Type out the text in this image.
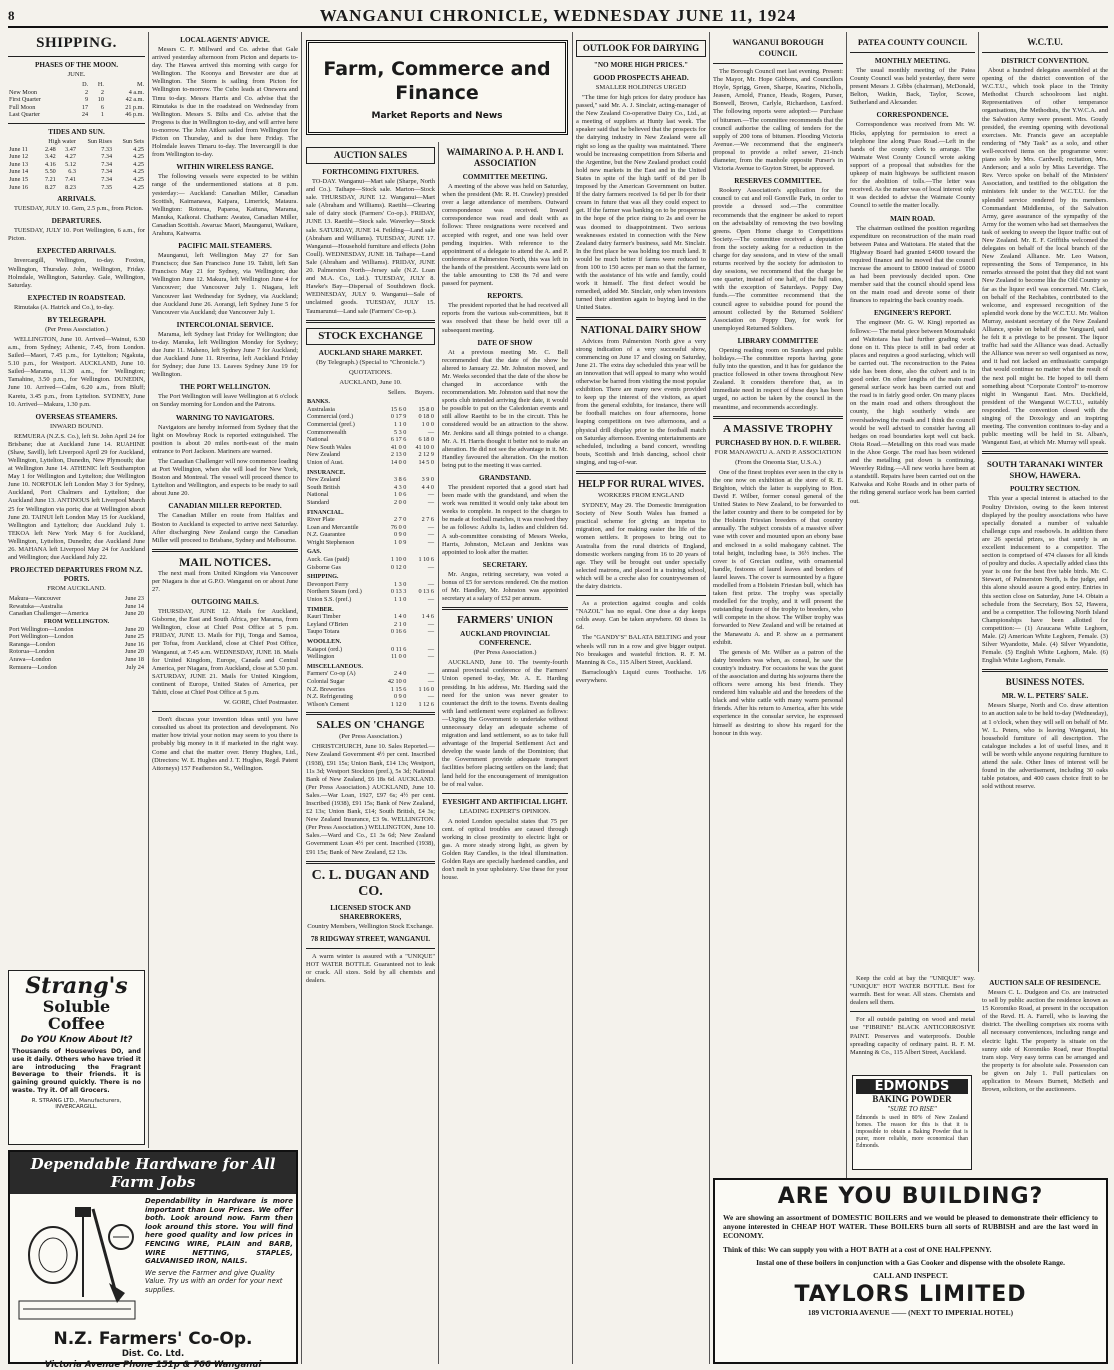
8	WANGANUI CHRONICLE, WEDNESDAY JUNE 11, 1924
SHIPPING.
PHASES OF THE MOON.
JUNE.
	D.	H.	M.
New Moon	2	2	4 a.m.
First Quarter	9	10	42 a.m.
Full Moon	17	6	21 p.m.
Last Quarter	24	1	46 p.m.
TIDES AND SUN.
	High water		Sun Rises	Sun Sets
June 11	2.48	3.47	7.33	4.25
June 12	3.42	4.27	7.34	4.25
June 13	4.16	5.12	7.34	4.25
June 14	5.50	6.3	7.34	4.25
June 15	7.21	7.41	7.34	4.25
June 16	8.27	8.23	7.35	4.25
ARRIVALS.

TUESDAY, JULY 10. Gem, 2.5 p.m., from Picton.

DEPARTURES.

TUESDAY, JULY 10. Port Wellington, 6 a.m., for Picton.

EXPECTED ARRIVALS.

Invercargill, Wellington, to-day. Foxton, Wellington, Thursday. John, Wellington, Friday. Holmdale, Wellington, Saturday. Gale, Wellington, Saturday.

EXPECTED IN ROADSTEAD.

Rimutaka (A. Hatrick and Co.), to-day.

BY TELEGRAPH.
(Per Press Association.)

WELLINGTON, June 10. Arrived—Wainui, 6.30 a.m., from Sydney; Athenic, 7.45, from London. Sailed—Maori, 7.45 p.m., for Lyttelton; Ngakuta, 5.10 p.m., for Westport. AUCKLAND, June 10. Sailed—Marama, 11.30 a.m., for Wellington; Tamahine, 3.50 p.m., for Wellington. DUNEDIN, June 10. Arrived—Calm, 6.20 a.m., from Bluff; Karetu, 3.45 p.m., from Lyttelton. SYDNEY, June 10. Arrived—Makura, 1.30 p.m.

OVERSEAS STEAMERS.
INWARD BOUND.

REMUERA (N.Z.S. Co.), left St. John April 24 for Brisbane; due at Auckland June 14. RUAHINE (Shaw, Savill), left Liverpool April 29 for Auckland, Wellington, Lyttelton, Dunedin, New Plymouth; due at Wellington June 14. ATHENIC left Southampton May 1 for Wellington and Lyttelton; due Wellington June 10. NORFOLK left London May 3 for Sydney, Auckland, Port Chalmers and Lyttelton; due Auckland June 13. ANTINOUS left Liverpool March 25 for Wellington via ports; due at Wellington about June 20. TAINUI left London May 15 for Auckland, Wellington and Lyttelton; due Auckland July 1. TEKOA left New York May 6 for Auckland, Wellington, Lyttelton, Dunedin; due Auckland June 26. MAHANA left Liverpool May 24 for Auckland and Wellington; due Auckland July 22.

PROJECTED DEPARTURES FROM N.Z. PORTS.
FROM AUCKLAND.
Makura—Vancouver	June 23
Rewatuka—Australia	June 14
Canadian Challenger—America	June 20
FROM WELLINGTON.	
Port Wellington—London	June 20
Port Wellington—London	June 25
Raranga—London	June 16
Rotorua—London	June 20
Arawa—London	June 18
Remuera—London	July 24
Strang's
Soluble
Coffee
Do YOU Know About It?
Thousands of Housewives DO, and use it daily. Others who have tried it are introducing the Fragrant Beverage to their friends. It is gaining ground quickly. There is no waste. Try it. Of all Grocers.
R. STRANG LTD., Manufacturers, INVERCARGILL.
Dependable Hardware for All Farm Jobs
Dependability in Hardware is more important than Low Prices. We offer both. Look around now. Farm then look around this store. You will find here good quality and low prices in FENCING WIRE, PLAIN and BARB, WIRE NETTING, STAPLES, GALVANISED IRON, NAILS.
We serve the Farmer and give Quality Value. Try us with an order for your next supplies.
N.Z. Farmers' Co-Op.
Dist. Co. Ltd.
Victoria Avenue Phone 151p & 766 Wanganui
LOCAL AGENTS' ADVICE.

Messrs C. F. Millward and Co. advise that Gale arrived yesterday afternoon from Picton and departs to-day. The Hawea arrived this morning with cargo for Wellington. The Koonya and Brewster are due at Wellington. The Storm is sailing from Picton for Wellington to-morrow. The Cubo leads at Onewera and Timu to-day. Messrs Harris and Co. advise that the Rimutaka is due in the roadstead on Wednesday from Wellington. Messrs S. Bilts and Co. advise that the Progress is due in Wellington to-day, and will arrive here to-morrow. The John Aitken sailed from Wellington for Picton on Thursday, and is due here Friday. The Holmdale leaves Timaru to-day. The Invercargill is due from Wellington to-day.

WITHIN WIRELESS RANGE.

The following vessels were expected to be within range of the undermentioned stations at 8 p.m. yesterday:— Auckland: Canadian Miller, Canadian Scottish, Kaimanawa, Kaipara, Limerick, Mataura. Wellington: Rotorua, Paparoa, Kaituna, Marama, Manuka, Kaikorai. Chatham: Awatea, Canadian Miller, Canadian Scottish. Awarua: Maori, Maunganui, Waikare, Arahura, Kaiwarra.

PACIFIC MAIL STEAMERS.

Maunganui, left Wellington May 27 for San Francisco; due San Francisco June 19. Tahiti, left San Francisco May 21 for Sydney, via Wellington; due Wellington June 12. Makura, left Wellington June 4 for Vancouver; due Vancouver July 1. Niagara, left Vancouver last Wednesday for Sydney, via Auckland; due Auckland June 26. Aorangi, left Sydney June 5 for Vancouver via Auckland; due Vancouver July 1.

INTERCOLONIAL SERVICE.

Marama, left Sydney last Friday for Wellington; due to-day. Manuka, left Wellington Monday for Sydney; due June 11. Maheno, left Sydney June 7 for Auckland; due Auckland June 11. Riverina, left Auckland Friday for Sydney; due June 13. Leaves Sydney June 19 for Wellington.

THE PORT WELLINGTON.

The Port Wellington will leave Wellington at 6 o'clock on Sunday morning for London and the Patrons.

WARNING TO NAVIGATORS.

Navigators are hereby informed from Sydney that the light on Mowbray Rock is reported extinguished. The position is about 20 miles north-east of the main entrance to Port Jackson. Mariners are warned.

The Canadian Challenger will now commence loading at Port Wellington, when she will load for New York, Boston and Montreal. The vessel will proceed thence to Lyttelton and Wellington, and expects to be ready to sail about June 20.

CANADIAN MILLER REPORTED.

The Canadian Miller en route from Halifax and Boston to Auckland is expected to arrive next Saturday. After discharging New Zealand cargo the Canadian Miller will proceed to Brisbane, Sydney and Melbourne.

MAIL NOTICES.

The next mail from United Kingdom via Vancouver per Niagara is due at G.P.O. Wanganui on or about June 27.

OUTGOING MAILS.

THURSDAY, JUNE 12. Mails for Auckland, Gisborne, the East and South Africa, per Marama, from Wellington, close at Chief Post Office at 5 p.m. FRIDAY, JUNE 13. Mails for Fiji, Tonga and Samoa, per Tofua, from Auckland, close at Chief Post Office, Wanganui, at 7.45 a.m. WEDNESDAY, JUNE 18. Mails for United Kingdom, Europe, Canada and Central America, per Niagara, from Auckland, close at 5.30 p.m. SATURDAY, JUNE 21. Mails for United Kingdom, continent of Europe, United States of America, per Tahiti, close at Chief Post Office at 5 p.m.

W. GORE, Chief Postmaster.

Don't discuss your invention ideas until you have consulted us about its protection and development. No matter how trivial your notion may seem to you there is probably big money in it if marketed in the right way. Come and chat the matter over. Henry Hughes, Ltd., (Directors: W. E. Hughes and J. T. Hughes, Regd. Patent Attorneys) 157 Featherston St., Wellington.

Farm, Commerce and Finance
Market Reports and News
AUCTION SALES
FORTHCOMING FIXTURES.

TO-DAY. Wanganui—Mart sale (Sharpe, North and Co.). Taihape—Stock sale. Marton—Stock sale. THURSDAY, JUNE 12. Wanganui—Mart sale (Abraham and Williams). Raetihi—Clearing sale of dairy stock (Farmers' Co-op.). FRIDAY, JUNE 13. Raetihi—Stock sale. Waverley—Stock sale. SATURDAY, JUNE 14. Feilding—Land sale (Abraham and Williams). TUESDAY, JUNE 17. Wanganui—Household furniture and effects (John Coull). WEDNESDAY, JUNE 18. Taihape—Land Sale (Abraham and Williams). FRIDAY, JUNE 20. Palmerston North—Jersey sale (N.Z. Loan and M.A. Co., Ltd.). TUESDAY, JULY 8. Hawke's Bay—Dispersal of Southdown flock. WEDNESDAY, JULY 9. Wanganui—Sale of unclaimed goods. TUESDAY, JULY 15. Taumarunui—Land sale (Farmers' Co-op.).

STOCK EXCHANGE
AUCKLAND SHARE MARKET.
(By Telegraph.) (Special to "Chronicle.")
QUOTATIONS.
AUCKLAND, June 10.
	Sellers.	Buyers.
BANKS.		
Australasia	15 6 0	15 8 0
Commercial (ord.)	0 17 9	0 18 0
Commercial (pref.)	1 1 0	1 0 0
Commonwealth	5 3 0	—
National	6 17 6	6 18 0
New South Wales	41 0 0	41 10 0
New Zealand	2 13 0	2 12 9
Union of Aust.	14 0 0	14 5 0
INSURANCE.		
New Zealand	3 8 6	3 9 0
South British	4 3 0	4 4 0
National	1 0 6	—
Standard	2 0 0	—
FINANCIAL.		
River Plate	2 7 0	2 7 6
Loan and Mercantile	76 0 0	—
N.Z. Guarantee	0 9 0	—
Wright Stephenson	1 0 9	—
GAS.		
Auck. Gas (paid)	1 10 0	1 10 6
Gisborne Gas	0 12 0	—
SHIPPING.		
Devonport Ferry	1 3 0	—
Northern Steam (ord.)	0 13 3	0 13 6
Union S.S. (pref.)	1 1 0	—
TIMBER.		
Kauri Timber	1 4 0	1 4 6
Leyland O'Brien	2 1 0	—
Taupo Totara	0 16 6	—
WOOLLEN.		
Kaiapoi (ord.)	0 11 6	—
Wellington	11 0 0	—
MISCELLANEOUS.		
Farmers' Co-op (A)	2 4 0	—
Colonial Sugar	42 10 0	—
N.Z. Breweries	1 15 6	1 16 0
N.Z. Refrigerating	0 9 0	—
Wilson's Cement	1 12 0	1 12 6
SALES ON 'CHANGE
(Per Press Association.)

CHRISTCHURCH, June 10. Sales Reported.—New Zealand Government 4½ per cent. Inscribed (1938), £91 15s; Union Bank, £14 13s; Westport, 11s 3d; Westport Stockton (pref.), 5s 3d; National Bank of New Zealand, £6 18s 6d. AUCKLAND. (Per Press Association.) AUCKLAND, June 10. Sales.—War Loan, 1927, £97 6s; 4½ per cent. Inscribed (1938), £91 15s; Bank of New Zealand, £2 13s; Union Bank, £14; South British, £4 3s; New Zealand Insurance, £3 9s. WELLINGTON. (Per Press Association.) WELLINGTON, June 10. Sales.—Ward and Co., £1 3s 6d; New Zealand Government Loan 4½ per cent. Inscribed (1938), £91 15s; Bank of New Zealand, £2 13s.

C. L. DUGAN AND CO.
LICENSED STOCK AND SHAREBROKERS,
Country Members, Wellington Stock Exchange.
78 RIDGWAY STREET, WANGANUI.

A warm winter is assured with a "UNIQUE" HOT WATER BOTTLE. Guaranteed not to leak or crack. All sizes. Sold by all chemists and dealers.

WAIMARINO A. P. H. AND I. ASSOCIATION
COMMITTEE MEETING.

A meeting of the above was held on Saturday, when the president (Mr. R. H. Crawley) presided over a large attendance of members. Outward correspondence was received. Inward correspondence was read and dealt with as follows: Three resignations were received and accepted with regret, and one was held over pending inquiries. With reference to the appointment of a delegate to attend the A. and P. conference at Palmerston North, this was left in the hands of the president. Accounts were laid on the table amounting to £38 8s 7d and were passed for payment.

REPORTS.

The president reported that he had received all reports from the various sub-committees, but it was resolved that these be held over till a subsequent meeting.

DATE OF SHOW

At a previous meeting Mr. C. Bell recommended that the date of the show be altered to January 22. Mr. Johnston moved, and Mr. Weeks seconded that the date of the show be changed in accordance with the recommendation. Mr. Johnston said that now the sports club intended arriving their date, it would be possible to put on the Caledonian events and still allow Raetihi to be in the circuit. This he considered would be an attraction to the show. Mr. Jenkins said all things pointed to a change. Mr. A. H. Harris thought it better not to make an alteration. He did not see the advantage in it. Mr. Handley favoured the alteration. On the motion being put to the meeting it was carried.

GRANDSTAND.

The president reported that a good start had been made with the grandstand, and when the work was remitted it would only take about ten weeks to complete. In respect to the charges to be made at football matches, it was resolved they be as follows: Adults 1s, ladies and children 6d. A sub-committee consisting of Messrs Weeks, Harris, Johnston, McLean and Jenkins was appointed to look after the matter.

SECRETARY.

Mr. Angus, retiring secretary, was voted a bonus of £5 for services rendered. On the motion of Mr. Handley, Mr. Johnston was appointed secretary at a salary of £52 per annum.

FARMERS' UNION
AUCKLAND PROVINCIAL CONFERENCE.
(Per Press Association.)

AUCKLAND, June 10. The twenty-fourth annual provincial conference of the Farmers' Union opened to-day, Mr. A. E. Harding presiding. In his address, Mr. Harding said the need for the union was never greater to counteract the drift to the towns. Events dealing with land settlement were explained as follows:—Urging the Government to undertake without unnecessary delay an adequate scheme of migration and land settlement, so as to take full advantage of the Imperial Settlement Act and develop the waste lands of the Dominion; that the Government provide adequate transport facilities before placing settlers on the land; that land held for the encouragement of immigration be of real value.

EYESIGHT AND ARTIFICIAL LIGHT.
LEADING EXPERT'S OPINION.

A noted London specialist states that 75 per cent. of optical troubles are caused through working in close proximity to electric light or gas. A more steady strong light, as given by Golden Ray Candles, is the ideal illumination. Golden Rays are specially hardened candles, and don't melt in your upholstery. Use these for your house.

OUTLOOK FOR DAIRYING
"NO MORE HIGH PRICES."
GOOD PROSPECTS AHEAD.
SMALLER HOLDINGS URGED

"The time for high prices for dairy produce has passed," said Mr. A. J. Sinclair, acting-manager of the New Zealand Co-operative Dairy Co., Ltd., at a meeting of suppliers at Hunty last week. The speaker said that he believed that the prospects for the dairying industry in New Zealand were all right so long as the quality was maintained. There would be increasing competition from Siberia and the Argentine, but the New Zealand product could hold new markets in the East and in the United States in spite of the high tariff of 8d per lb imposed by the American Government on butter. If the dairy farmers received 1s 6d per lb for their cream in future that was all they could expect to get. If the farmer was banking on to be prosperous in the hope of the price rising to 2s and over he was doomed to disappointment. Two serious weaknesses existed in connection with the New Zealand dairy farmer's business, said Mr. Sinclair. In the first place he was holding too much land. It would be much better if farms were reduced to from 100 to 150 acres per man so that the farmer, with the assistance of his wife and family, could work it himself. The first defect would be remedied, added Mr. Sinclair, only when investors turned their attention again to buying land in the United States.

NATIONAL DAIRY SHOW

Advices from Palmerston North give a very strong indication of a very successful show, commencing on June 17 and closing on Saturday, June 21. The extra day scheduled this year will be an innovation that will appeal to many who would otherwise be barred from visiting the most popular exhibition. There are many new events provided to keep up the interest of the visitors, as apart from the general exhibits, for instance, there will be football matches on four afternoons, horse leaping competitions on two afternoons, and a physical drill display prior to the football match on Saturday afternoon. Evening entertainments are scheduled, including a band concert, wrestling bouts, Scottish and Irish dancing, school choir singing, and tug-of-war.

HELP FOR RURAL WIVES.
WORKERS FROM ENGLAND

SYDNEY, May 29. The Domestic Immigration Society of New South Wales has framed a practical scheme for giving an impetus to migration, and for making easier the life of the women settlers. It proposes to bring out to Australia from the rural districts of England, domestic workers ranging from 16 to 20 years of age. They will be brought out under specially selected matrons, and placed in a training school, which will be a creche also for countrywomen of the dairy districts.

As a protection against coughs and colds "NAZOL" has no equal. One dose a day keeps colds away. Can be taken anywhere. 60 doses 1s 6d.

The "GANDY'S" BALATA BELTING and your wheels will run in a row and give bigger output. No breakages and wasteful friction. R. F. M. Manning & Co., 115 Albert Street, Auckland.

Barraclough's Liquid cures Toothache. 1/6 everywhere.

WANGANUI BOROUGH COUNCIL

The Borough Council met last evening. Present: The Mayor, Mr. Hope Gibbons, and Councillors Hoyle, Sprigg, Green, Sharpe, Kearins, Nicholls, Jeasen, Arnold, France, Heads, Rogers, Purser, Bonwell, Brown, Carlyle, Richardson, Laxford. The following reports were adopted:— Purchase of bitumen.—The committee recommends that the council authorise the calling of tenders for the supply of 200 tons of bitumen. Flooding Victoria Avenue.—We recommend that the engineer's proposal to provide a relief sewer, 21-inch diameter, from the manhole opposite Purser's in Victoria Avenue to Guyton Street, be approved.

RESERVES COMMITTEE.

Rookery Association's application for the council to cut and roll Gonville Park, in order to provide a dressed sod.—The committee recommends that the engineer be asked to report on the advisability of removing the two bowling greens. Open Home charge to Competitions Society.—The committee received a deputation from the society asking for a reduction in the charge for day sessions, and in view of the small returns received by the society for admission to day sessions, we recommend that the charge be one quarter, instead of one half, of the full rates, with the exception of Saturdays. Poppy Day funds.—The committee recommend that the council agree to subsidise pound for pound the amount collected by the Returned Soldiers' Association on Poppy Day, for work for unemployed Returned Soldiers.

LIBRARY COMMITTEE

Opening reading room on Sundays and public holidays.—The committee reports having gone fully into the question, and it has for guidance the practice followed in other towns throughout New Zealand. It considers therefore that, as in immediate need in respect of these days has been urged, no action be taken by the council in the meantime, and recommends accordingly.

A MASSIVE TROPHY
PURCHASED BY HON. D. F. WILBER.
FOR MANAWATU A. AND P. ASSOCIATION
(From the Oneonta Star, U.S.A.)

One of the finest trophies ever seen in the city is the one now on exhibition at the store of R. E. Brighton, which the latter is supplying to Hon. David F. Wilber, former consul general of the United States to New Zealand, to be forwarded to the latter country and there to be competed for by the Holstein Friesian breeders of that country annually. The subject consists of a massive silver vase with cover and mounted upon an ebony base and enclosed in a solid mahogany cabinet. The total height, including base, is 36½ inches. The cover is of Grecian outline, with ornamental handle, festoons of laurel leaves and borders of laurel leaves. The cover is surmounted by a figure modelled from a Holstein Friesian bull, which has taken first prize. The trophy was specially modelled for the trophy, and it will present the outstanding feature of the trophy to breeders, who will compete in the show. The Wilber trophy was forwarded to New Zealand and will be retained at the Manawatu A. and P. show as a permanent exhibit.

The genesis of Mr. Wilber as a patron of the dairy breeders was when, as consul, he saw the country's industry. For occasions he was the guest of the association and during his sojourns there the officers were among his best friends. They rendered him valuable aid and the breeders of the black and white cattle with many warm personal friends. After his return to America, after his wide experience in the consular service, he expressed himself as desiring to show his regard for the honour in this way.

PATEA COUNTY COUNCIL
MONTHLY MEETING.

The usual monthly meeting of the Patea County Council was held yesterday, there were present Messrs J. Gibbs (chairman), McDonald, Belton, Watkin, Back, Taylor, Scowe, Sutherland and Alexander.

CORRESPONDENCE.

Correspondence was received from Mr. W. Hicks, applying for permission to erect a telephone line along Puao Road.—Left in the hands of the county clerk to arrange. The Waimate West County Council wrote asking support of a proposal that subsidies for the upkeep of main highways be sufficient reason for the abolition of tolls.—The letter was received. As the matter was of local interest only it was decided to advise the Waimate County Council to settle the matter locally.

MAIN ROAD.

The chairman outlined the position regarding expenditure on reconstruction of the main road between Patea and Waitotara. He stated that the Highway Board had granted £4000 toward the required finance and he moved that the council increase the amount to £8000 instead of £6000 as had been previously decided upon. One member said that the council should spend less on the main road and devote some of their finances to repairing the back country roads.

ENGINEER'S REPORT.

The engineer (Mr. G. W. King) reported as follows:— The metal piece between Moumahaki and Waitotara has had further grading work done on it. This piece is still in bad order at places and requires a good surfacing, which will be carried out. The reconstruction to the Patea side has been done, also the culvert and is in good order. On other lengths of the main road general surface work has been carried out and the road is in fairly good order. On many places on the main road and others throughout the county, the high southerly winds are overshadowing the roads and I think the council would be well advised to consider having all hedges on road boundaries kept well cut back. Otoia Road.—Metalling on this road was made in the Ahoe Gorge. The road has been widened and the metalling put down is continuing. Waverley Riding.—All new works have been at a standstill. Repairs have been carried out on the Kaiwaka and Kohe Roads and in other parts of the riding general surface work has been carried out.

W.C.T.U.
DISTRICT CONVENTION.

About a hundred delegates assembled at the opening of the district convention of the W.C.T.U., which took place in the Trinity Methodist Church schoolroom last night. Representatives of other temperance organisations, the Methodists, the Y.W.C.A. and the Salvation Army were present. Mrs. Goudy presided, the evening opening with devotional exercises. Mr. Francis gave an acceptable rendering of "My Task" as a solo, and other well-received items on the programme were: piano solo by Mrs. Cardwell; recitation, Mrs. Anderson; and a solo by Miss Leveridge. The Rev. Verco spoke on behalf of the Ministers' Association, and testified to the obligation the ministers felt under to the W.C.T.U. for the splendid service rendered by its members. Commandant Middlemiss, of the Salvation Army, gave assurance of the sympathy of the Army for the women who had set themselves the task of seeking to sweep the liquor traffic out of New Zealand. Mr. E. F. Griffiths welcomed the delegates on behalf of the local branch of the New Zealand Alliance. Mr. Leo Watson, representing the Sons of Temperance, in his remarks stressed the point that they did not want New Zealand to become like the Old Country so far as the liquor evil was concerned. Mr. Clark, on behalf of the Rechabites, contributed to the welcome, and expressed recognition of the splendid work done by the W.C.T.U. Mr. Walton Murray, assistant secretary of the New Zealand Alliance, spoke on behalf of the Vanguard, said he felt it a privilege to be present. The liquor traffic had said the Alliance was dead. Actually the Alliance was never so well organised as now, and it had not lacked an enthusiastic campaign that would continue no matter what the result of the next poll might be. He hoped to tell them something about "Corporate Control" to-morrow night in Wanganui East. Mrs. Duckfield, president of the Wanganui W.C.T.U., suitably responded. The convention closed with the singing of the Doxology and an inspiring meeting. The convention continues to-day and a public meeting will be held in St. Alban's, Wanganui East, at which Mr. Murray will speak.

SOUTH TARANAKI WINTER SHOW, HAWERA.
POULTRY SECTION.

This year a special interest is attached to the Poultry Division, owing to the keen interest displayed by the poultry associations who have specially donated a number of valuable challenge cups and rosebowls. In addition there are 26 special prizes, so that surely is an excellent inducement to a competitor. The section is comprised of 474 classes for all kinds of poultry and ducks. A specially added class this year is one for the best five table birds. Mr. C. Stewart, of Palmerston North, is the judge, and this alone should assure a good entry. Entries in this section close on Saturday, June 14. Obtain a schedule from the Secretary, Box 52, Hawera, and be a competitor. The following North Island Championships have been allotted for competition:— (1) Araucana White Leghorn, Male. (2) American White Leghorn, Female. (3) Silver Wyandotte, Male. (4) Silver Wyandotte, Female. (5) English White Leghorn, Male. (6) English White Leghorn, Female.

BUSINESS NOTES.
MR. W. L. PETERS' SALE.

Messrs Sharpe, North and Co. draw attention to an auction sale to be held to-day (Wednesday), at 1 o'clock, when they will sell on behalf of Mr. W. L. Peters, who is leaving Wanganui, his household furniture of all description. The catalogue includes a lot of useful lines, and it will be worth while anyone requiring furniture to attend the sale. Other lines of interest will be found in the advertisement, including 30 oaks table potatoes, and 400 cases choice fruit to be sold without reserve.

Keep the cold at bay the "UNIQUE" way. "UNIQUE" HOT WATER BOTTLE. Best for warmth. Best for wear. All sizes. Chemists and dealers sell them.

For all outside painting on wood and metal use "FIBRINE" BLACK ANTICORROSIVE PAINT. Preserves and waterproofs. Double spreading capacity of ordinary paint. R. F. M. Manning & Co., 115 Albert Street, Auckland.

EDMONDS
BAKING POWDER
"SURE TO RISE"
Edmonds is used in 80% of New Zealand homes. The reason for this is that it is impossible to obtain a Baking Powder that is purer, more reliable, more economical than Edmonds.
AUCTION SALE OF RESIDENCE.

Messrs C. L. Dudgeon and Co. are instructed to sell by public auction the residence known as 15 Koromiko Road, at present in the occupation of the Revd. H. A. Farrell, who is leaving the district. The dwelling comprises six rooms with all necessary conveniences, including range and electric light. The property is situate on the sunny side of Koromiko Road, near Hospital tram stop. Very easy terms can be arranged and the property is for absolute sale. Possession can be given on July 1. Full particulars on application to Messrs Burnett, McBeth and Brown, solicitors, or the auctioneers.

ARE YOU BUILDING?
We are showing an assortment of DOMESTIC BOILERS and we would be pleased to demonstrate their efficiency to anyone interested in CHEAP HOT WATER. These BOILERS burn all sorts of RUBBISH and are the last word in ECONOMY.
Think of this: We can supply you with a HOT BATH at a cost of ONE HALFPENNY.
Instal one of these boilers in conjunction with a Gas Cooker and dispense with the obsolete Range.
CALL AND INSPECT.
TAYLORS LIMITED
189 VICTORIA AVENUE —— (NEXT TO IMPERIAL HOTEL)
